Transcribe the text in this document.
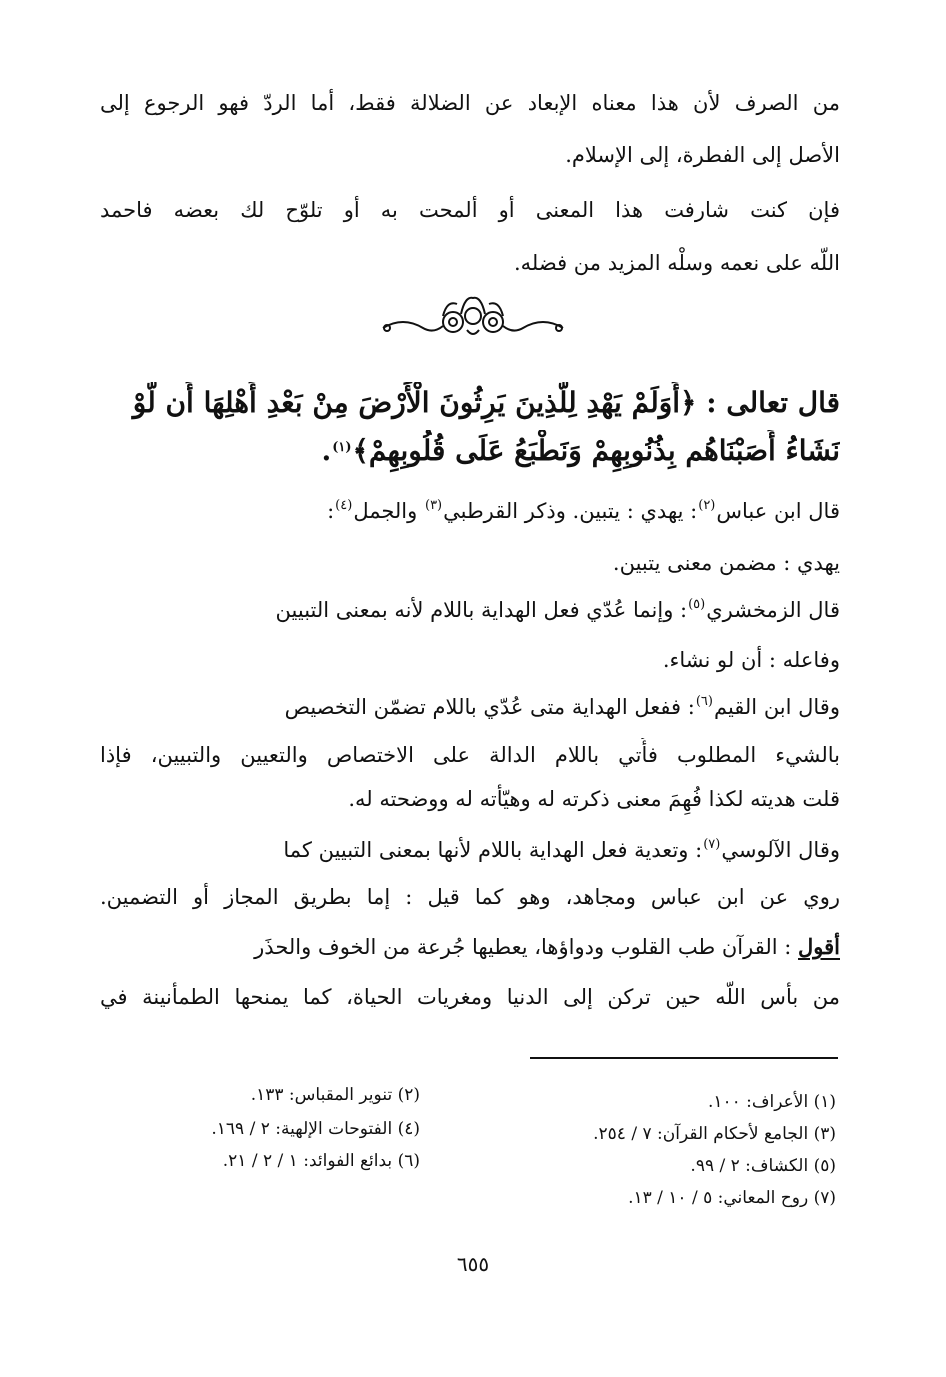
من الصرف لأن هذا معناه الإبعاد عن الضلالة فقط، أما الردّ فهو الرجوع إلى
الأصل إلى الفطرة، إلى الإسلام.
فإن كنت شارفت هذا المعنى أو ألمحت به أو تلوّح لك بعضه فاحمد
اللّه على نعمه وسلْه المزيد من فضله.
قال تعالى : ﴿أَوَلَمْ يَهْدِ لِلَّذِينَ يَرِثُونَ الْأَرْضَ مِنْ بَعْدِ أَهْلِهَا أَن لَّوْ
نَشَاءُ أَصَبْنَاهُم بِذُنُوبِهِمْ وَنَطْبَعُ عَلَى قُلُوبِهِمْ﴾$^{(١)}$.
قال ابن عباس$^{(٢)}$: يهدي : يتبين. وذكر القرطبي$^{(٣)}$ والجمل$^{(٤)}$:
يهدي : مضمن معنى يتبين.
قال الزمخشري$^{(٥)}$: وإنما عُدّي فعل الهداية باللام لأنه بمعنى التبيين
وفاعله : أن لو نشاء.
وقال ابن القيم$^{(٦)}$: ففعل الهداية متى عُدّي باللام تضمّن التخصيص
بالشيء المطلوب فأُتي باللام الدالة على الاختصاص والتعيين والتبيين، فإذا
قلت هديته لكذا فُهِمَ معنى ذكرته له وهيّأته له ووضحته له.
وقال الآلوسي$^{(٧)}$: وتعدية فعل الهداية باللام لأنها بمعنى التبيين كما
روي عن ابن عباس ومجاهد، وهو كما قيل : إما بطريق المجاز أو التضمين.
أقول : القرآن طب القلوب ودواؤها، يعطيها جُرعة من الخوف والحذَر
من بأس اللّه حين تركن إلى الدنيا ومغريات الحياة، كما يمنحها الطمأنينة في
(١) الأعراف: ١٠٠.
(٢) تنوير المقباس: ١٣٣.
(٣) الجامع لأحكام القرآن: ٧ / ٢٥٤.
(٤) الفتوحات الإلهية: ٢ / ١٦٩.
(٥) الكشاف: ٢ / ٩٩.
(٦) بدائع الفوائد: ١ / ٢ / ٢١.
(٧) روح المعاني: ٥ / ١٠ / ١٣.
٦٥٥
